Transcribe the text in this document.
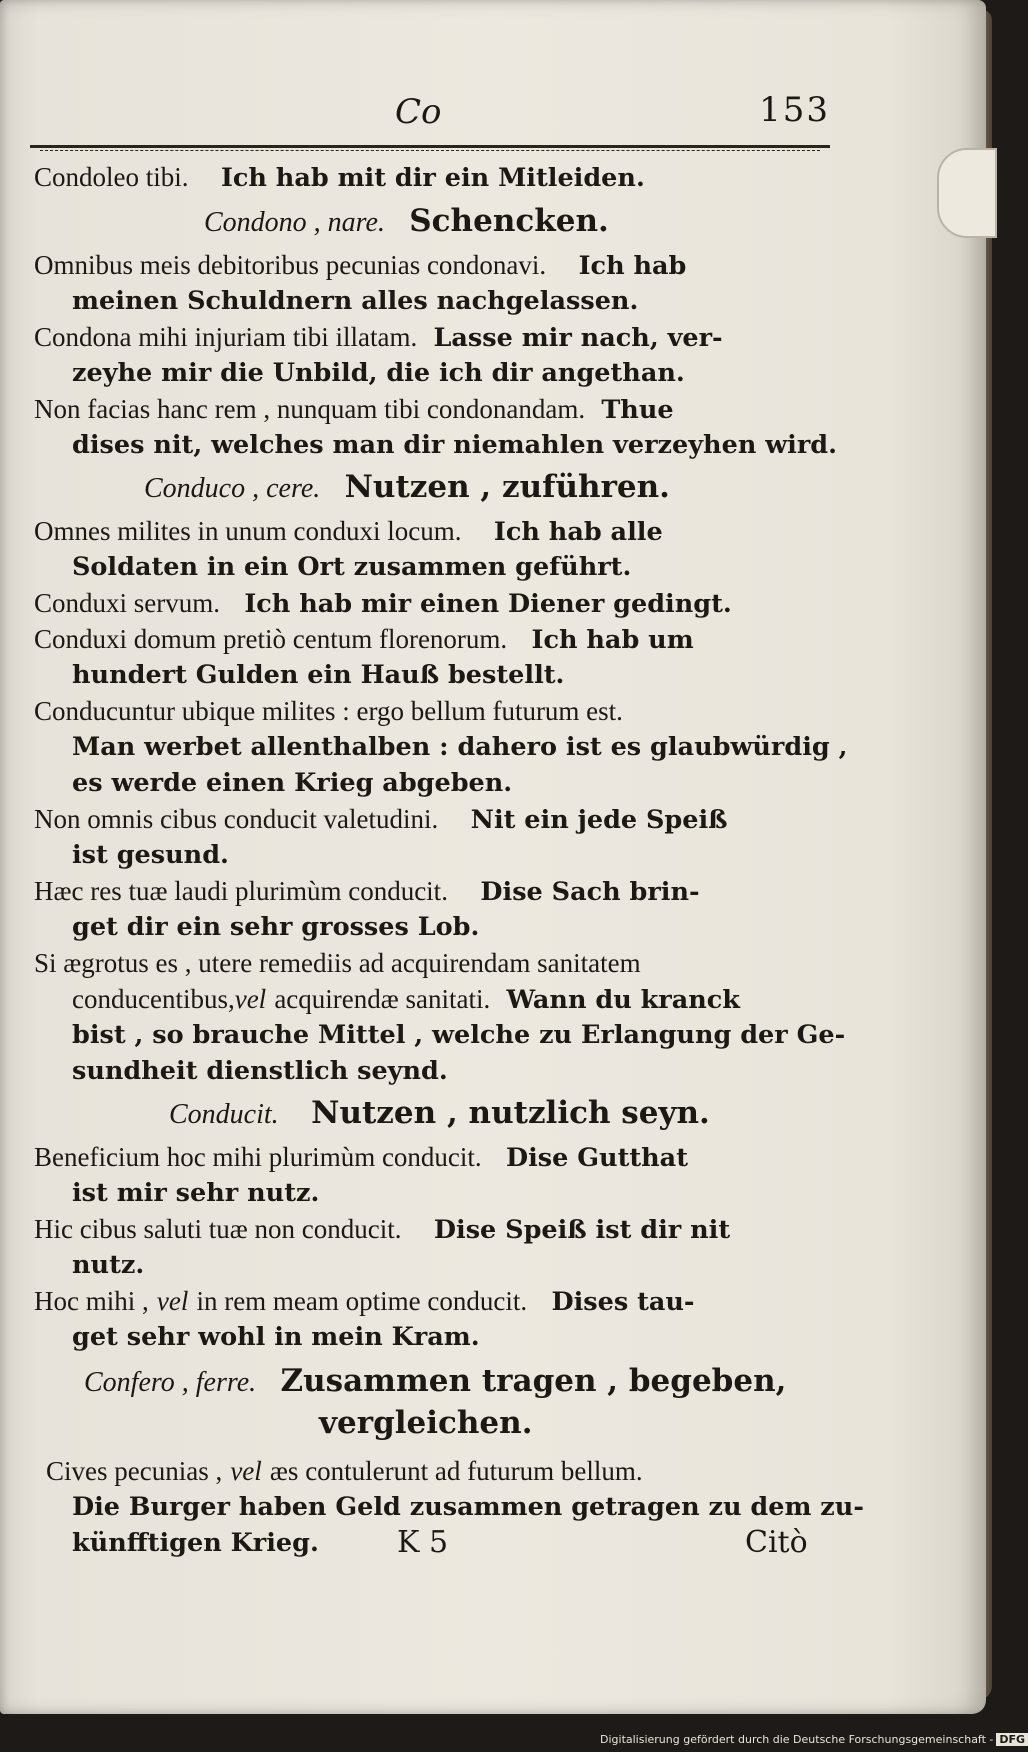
Co	153
Condoleo tibi. Ich hab mit dir ein Mitleiden.
Condono , nare. Schencken.
Omnibus meis debitoribus pecunias condonavi. Ich hab
meinen Schuldnern alles nachgelassen.
Condona mihi injuriam tibi illatam. Lasse mir nach, ver-
zeyhe mir die Unbild, die ich dir angethan.
Non facias hanc rem , nunquam tibi condonandam. Thue
dises nit, welches man dir niemahlen verzeyhen wird.
Conduco , cere. Nutzen , zuführen.
Omnes milites in unum conduxi locum. Ich hab alle
Soldaten in ein Ort zusammen geführt.
Conduxi servum. Ich hab mir einen Diener gedingt.
Conduxi domum pretiò centum florenorum. Ich hab um
hundert Gulden ein Hauß bestellt.
Conducuntur ubique milites : ergo bellum futurum est.
Man werbet allenthalben : dahero ist es glaubwürdig ,
es werde einen Krieg abgeben.
Non omnis cibus conducit valetudini. Nit ein jede Speiß
ist gesund.
Hæc res tuæ laudi plurimùm conducit. Dise Sach brin-
get dir ein sehr grosses Lob.
Si ægrotus es , utere remediis ad acquirendam sanitatem
conducentibus,vel acquirendæ sanitati. Wann du kranck
bist , so brauche Mittel , welche zu Erlangung der Ge-
sundheit dienstlich seynd.
Conducit. Nutzen , nutzlich seyn.
Beneficium hoc mihi plurimùm conducit. Dise Gutthat
ist mir sehr nutz.
Hic cibus saluti tuæ non conducit. Dise Speiß ist dir nit
nutz.
Hoc mihi , vel in rem meam optime conducit. Dises tau-
get sehr wohl in mein Kram.
Confero , ferre. Zusammen tragen , begeben,
vergleichen.
Cives pecunias , vel æs contulerunt ad futurum bellum.
Die Burger haben Geld zusammen getragen zu dem zu-
künfftigen Krieg.	K 5	Citò
Digitalisierung gefördert durch die Deutsche Forschungsgemeinschaft - DFG
